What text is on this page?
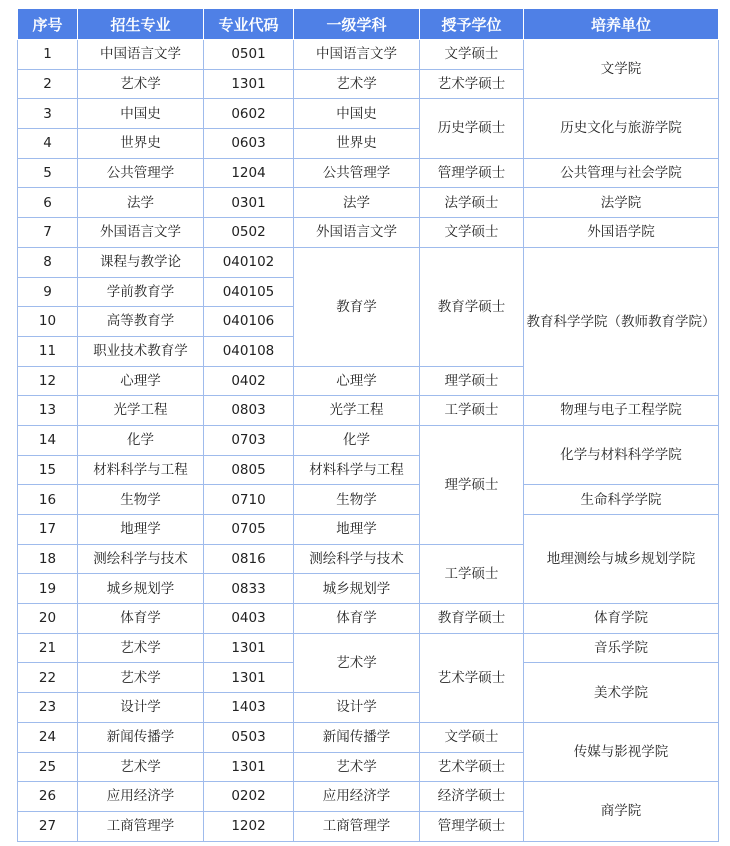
序号	招生专业	专业代码	一级学科	授予学位	培养单位
1	中国语言文学	0501	中国语言文学	文学硕士	文学院
2	艺术学	1301	艺术学	艺术学硕士	
3	中国史	0602	中国史	历史学硕士	历史文化与旅游学院
4	世界史	0603	世界史		
5	公共管理学	1204	公共管理学	管理学硕士	公共管理与社会学院
6	法学	0301	法学	法学硕士	法学院
7	外国语言文学	0502	外国语言文学	文学硕士	外国语学院
8	课程与教学论	040102	教育学	教育学硕士	教育科学学院（教师教育学院）
9	学前教育学	040105			
10	高等教育学	040106			
11	职业技术教育学	040108			
12	心理学	0402	心理学	理学硕士	
13	光学工程	0803	光学工程	工学硕士	物理与电子工程学院
14	化学	0703	化学	理学硕士	化学与材料科学学院
15	材料科学与工程	0805	材料科学与工程		
16	生物学	0710	生物学		生命科学学院
17	地理学	0705	地理学		地理测绘与城乡规划学院
18	测绘科学与技术	0816	测绘科学与技术	工学硕士	
19	城乡规划学	0833	城乡规划学		
20	体育学	0403	体育学	教育学硕士	体育学院
21	艺术学	1301	艺术学	艺术学硕士	音乐学院
22	艺术学	1301			美术学院
23	设计学	1403	设计学		
24	新闻传播学	0503	新闻传播学	文学硕士	传媒与影视学院
25	艺术学	1301	艺术学	艺术学硕士	
26	应用经济学	0202	应用经济学	经济学硕士	商学院
27	工商管理学	1202	工商管理学	管理学硕士	
